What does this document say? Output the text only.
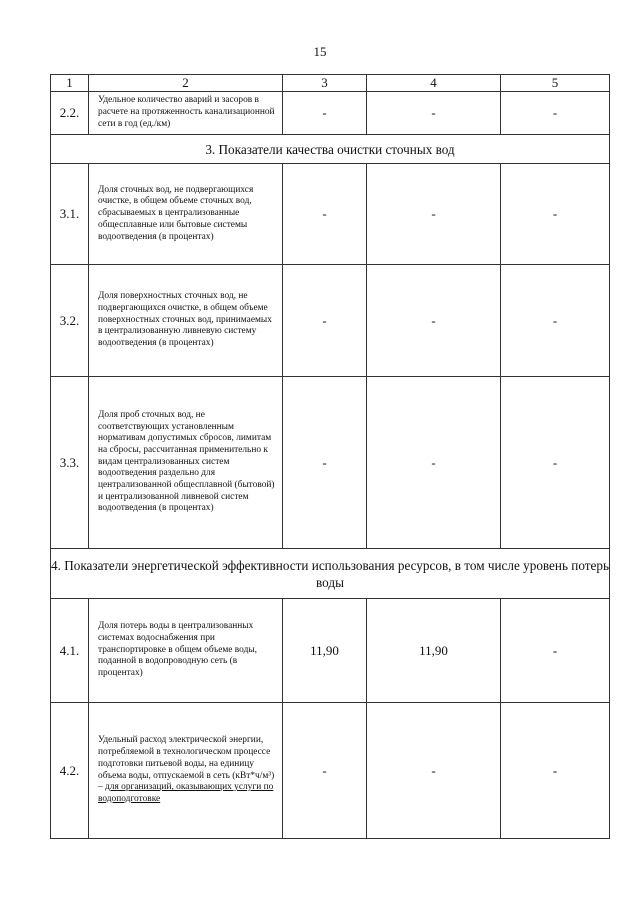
15
1	2	3	4	5
2.2.	Удельное количество аварий и засоров в расчете на протяженность канализационной сети в год (ед./км)	-	-	-
3. Показатели качества очистки сточных вод				
3.1.	Доля сточных вод, не подвергающихся очистке, в общем объеме сточных вод, сбрасываемых в централизованные общесплавные или бытовые системы водоотведения (в процентах)	-	-	-
3.2.	Доля поверхностных сточных вод, не подвергающихся очистке, в общем объеме поверхностных сточных вод, принимаемых в централизованную ливневую систему водоотведения (в процентах)	-	-	-
3.3.	Доля проб сточных вод, не соответствующих установленным нормативам допустимых сбросов, лимитам на сбросы, рассчитанная применительно к видам централизованных систем водоотведения раздельно для централизованной общесплавной (бытовой) и централизованной ливневой систем водоотведения (в процентах)	-	-	-
4. Показатели энергетической эффективности использования ресурсов, в том числе уровень потерь воды				
4.1.	Доля потерь воды в централизованных системах водоснабжения при транспортировке в общем объеме воды, поданной в водопроводную сеть (в процентах)	11,90	11,90	-
4.2.	Удельный расход электрической энергии, потребляемой в технологическом процессе подготовки питьевой воды, на единицу объема воды, отпускаемой в сеть (кВт*ч/м³) – для организаций, оказывающих услуги по водоподготовке	-	-	-
